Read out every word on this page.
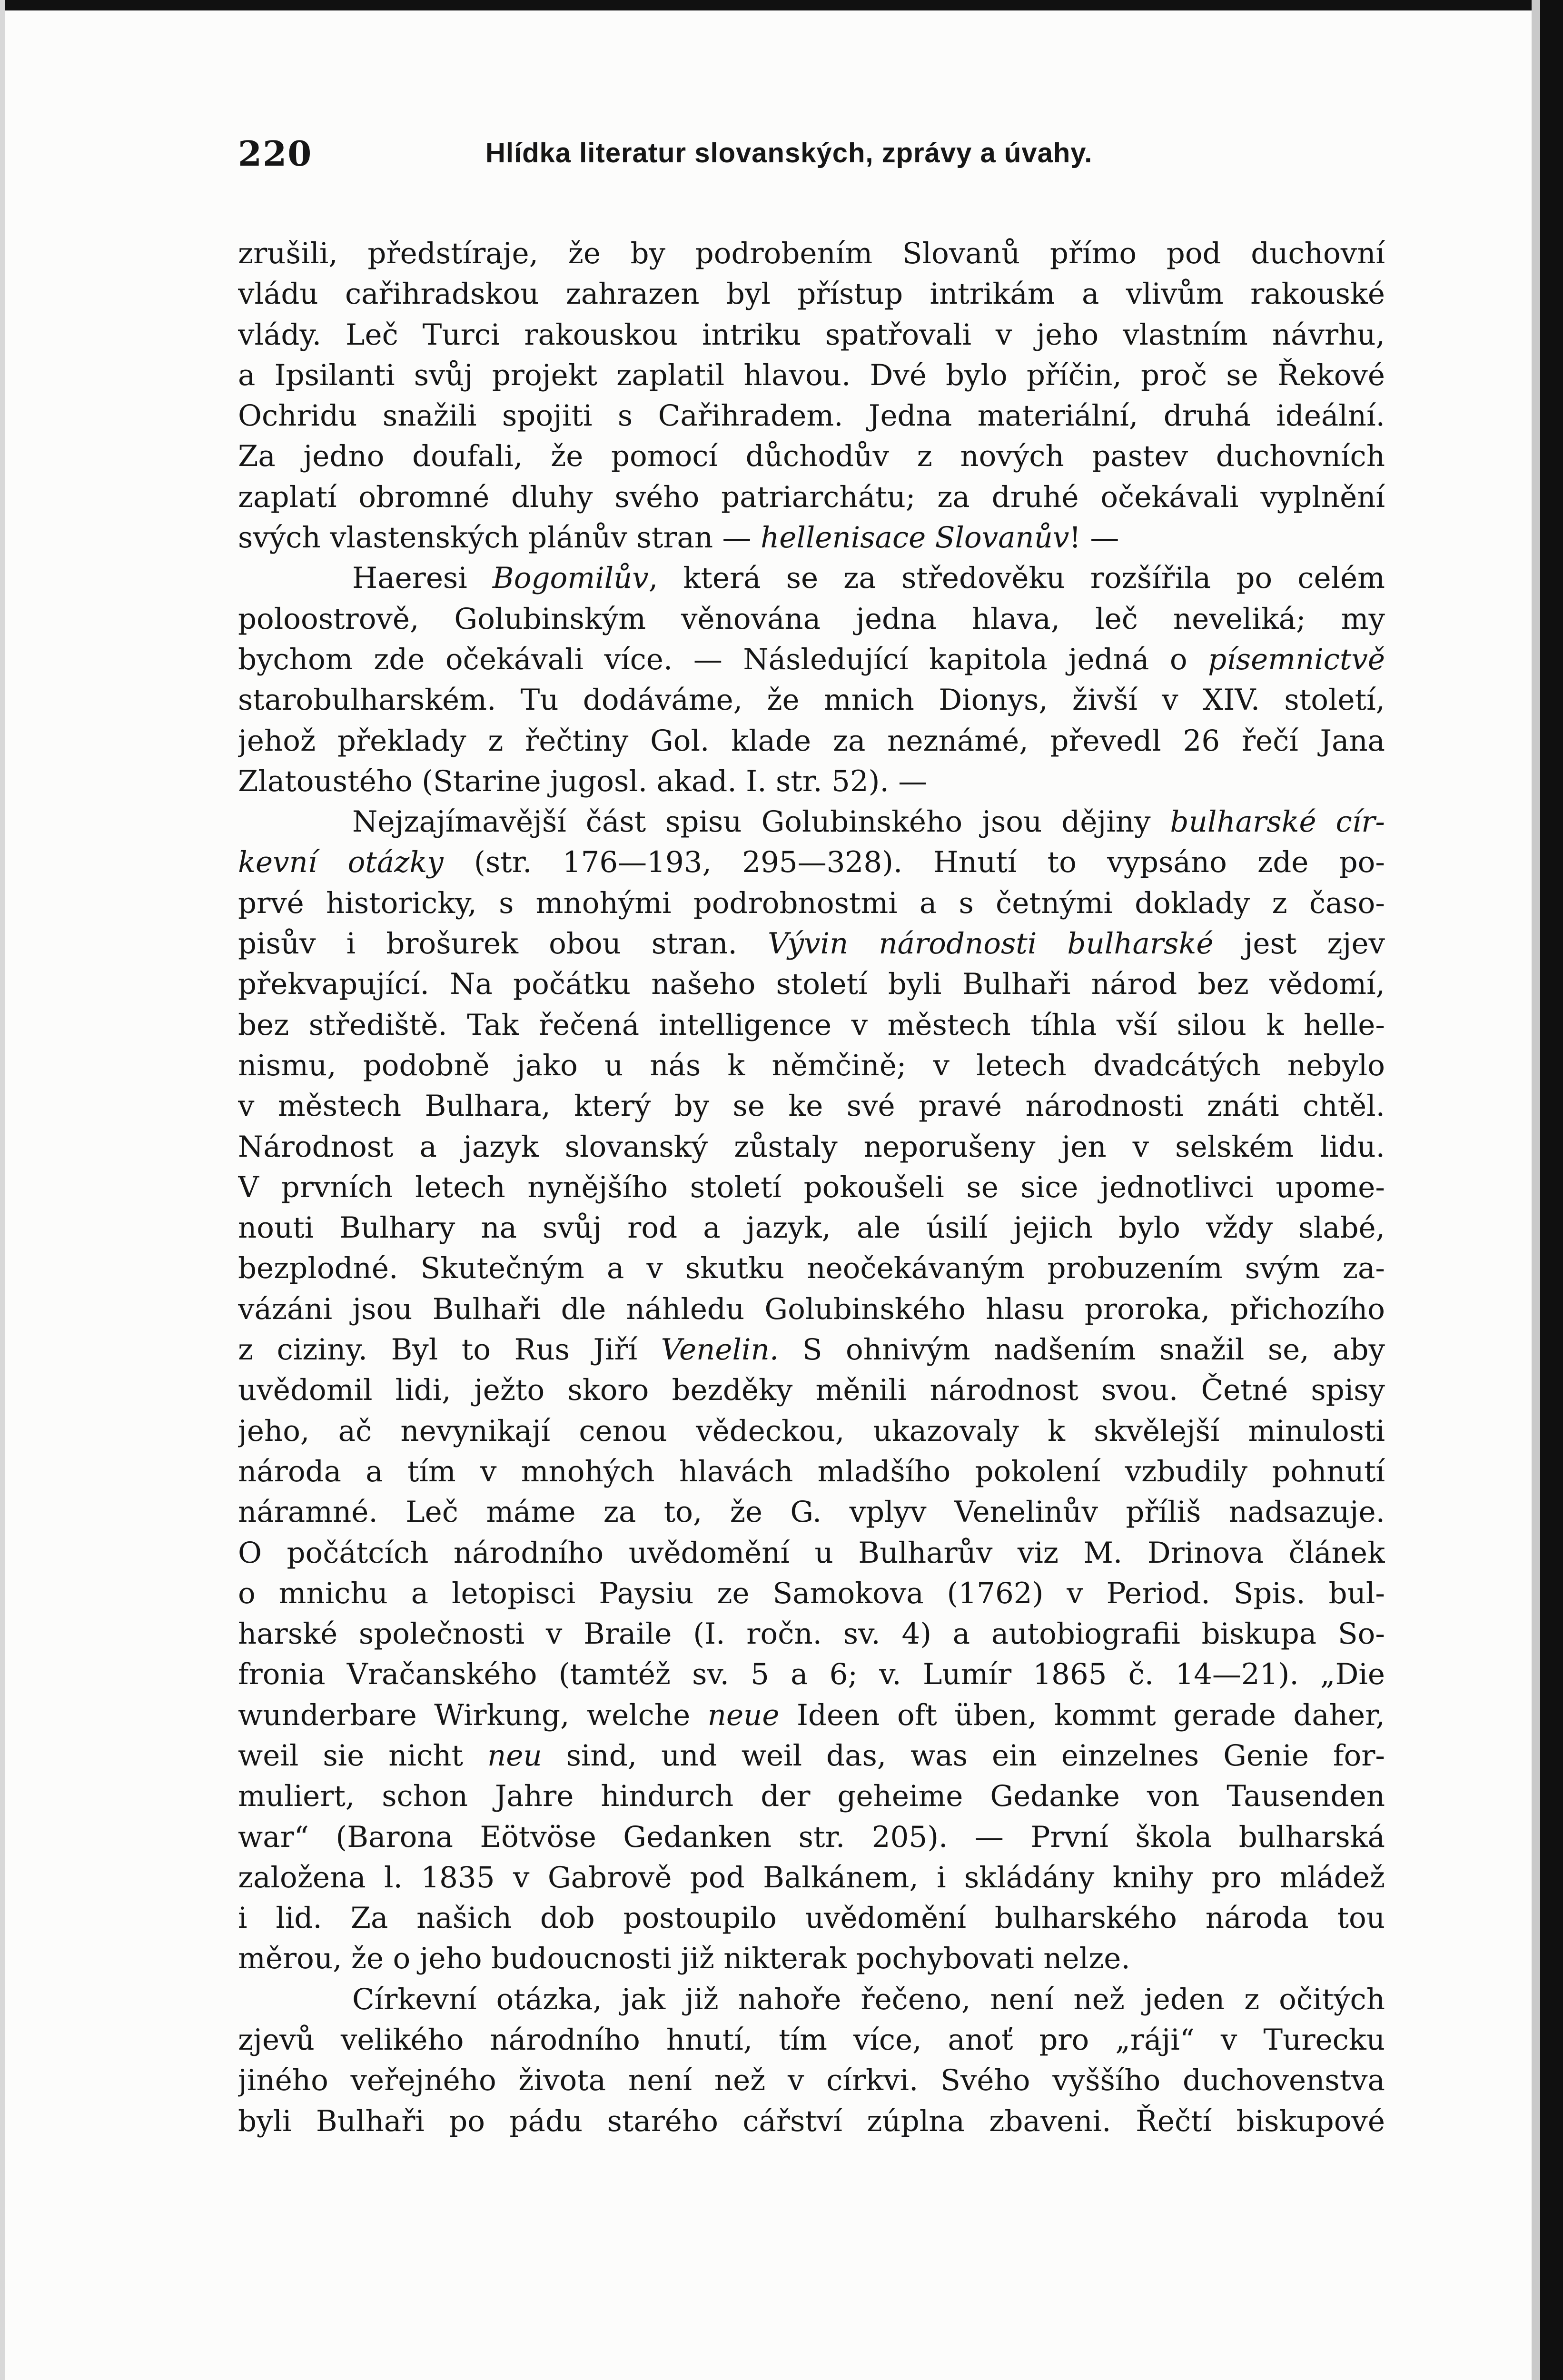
220	Hlídka literatur slovanských, zprávy a úvahy.
zrušili, předstíraje, že by podrobením Slovanů přímo pod duchovní
vládu cařihradskou zahrazen byl přístup intrikám a vlivům rakouské
vlády. Leč Turci rakouskou intriku spatřovali v jeho vlastním návrhu,
a Ipsilanti svůj projekt zaplatil hlavou. Dvé bylo příčin, proč se Řekové
Ochridu snažili spojiti s Cařihradem. Jedna materiální, druhá ideální.
Za jedno doufali, že pomocí důchodův z nových pastev duchovních
zaplatí obromné dluhy svého patriarchátu; za druhé očekávali vyplnění
svých vlastenských plánův stran — hellenisace Slovanův! —
Haeresi Bogomilův, která se za středověku rozšířila po celém
poloostrově, Golubinským věnována jedna hlava, leč neveliká; my
bychom zde očekávali více. — Následující kapitola jedná o písemnictvě
starobulharském. Tu dodáváme, že mnich Dionys, živší v XIV. století,
jehož překlady z řečtiny Gol. klade za neznámé, převedl 26 řečí Jana
Zlatoustého (Starine jugosl. akad. I. str. 52). —
Nejzajímavější část spisu Golubinského jsou dějiny bulharské cír-
kevní otázky (str. 176—193, 295—328). Hnutí to vypsáno zde po-
prvé historicky, s mnohými podrobnostmi a s četnými doklady z časo-
pisův i brošurek obou stran. Vývin národnosti bulharské jest zjev
překvapující. Na počátku našeho století byli Bulhaři národ bez vědomí,
bez střediště. Tak řečená intelligence v městech tíhla vší silou k helle-
nismu, podobně jako u nás k němčině; v letech dvadcátých nebylo
v městech Bulhara, který by se ke své pravé národnosti znáti chtěl.
Národnost a jazyk slovanský zůstaly neporušeny jen v selském lidu.
V prvních letech nynějšího století pokoušeli se sice jednotlivci upome-
nouti Bulhary na svůj rod a jazyk, ale úsilí jejich bylo vždy slabé,
bezplodné. Skutečným a v skutku neočekávaným probuzením svým za-
vázáni jsou Bulhaři dle náhledu Golubinského hlasu proroka, přichozího
z ciziny. Byl to Rus Jiří Venelin. S ohnivým nadšením snažil se, aby
uvědomil lidi, ježto skoro bezděky měnili národnost svou. Četné spisy
jeho, ač nevynikají cenou vědeckou, ukazovaly k skvělejší minulosti
národa a tím v mnohých hlavách mladšího pokolení vzbudily pohnutí
náramné. Leč máme za to, že G. vplyv Venelinův příliš nadsazuje.
O počátcích národního uvědomění u Bulharův viz M. Drinova článek
o mnichu a letopisci Paysiu ze Samokova (1762) v Period. Spis. bul-
harské společnosti v Braile (I. ročn. sv. 4) a autobiografii biskupa So-
fronia Vračanského (tamtéž sv. 5 a 6; v. Lumír 1865 č. 14—21). „Die
wunderbare Wirkung, welche neue Ideen oft üben, kommt gerade daher,
weil sie nicht neu sind, und weil das, was ein einzelnes Genie for-
muliert, schon Jahre hindurch der geheime Gedanke von Tausenden
war“ (Barona Eötvöse Gedanken str. 205). — První škola bulharská
založena l. 1835 v Gabrově pod Balkánem, i skládány knihy pro mládež
i lid. Za našich dob postoupilo uvědomění bulharského národa tou
měrou, že o jeho budoucnosti již nikterak pochybovati nelze.
Církevní otázka, jak již nahoře řečeno, není než jeden z očitých
zjevů velikého národního hnutí, tím více, anoť pro „ráji“ v Turecku
jiného veřejného života není než v církvi. Svého vyššího duchovenstva
byli Bulhaři po pádu starého cářství zúplna zbaveni. Řečtí biskupové
